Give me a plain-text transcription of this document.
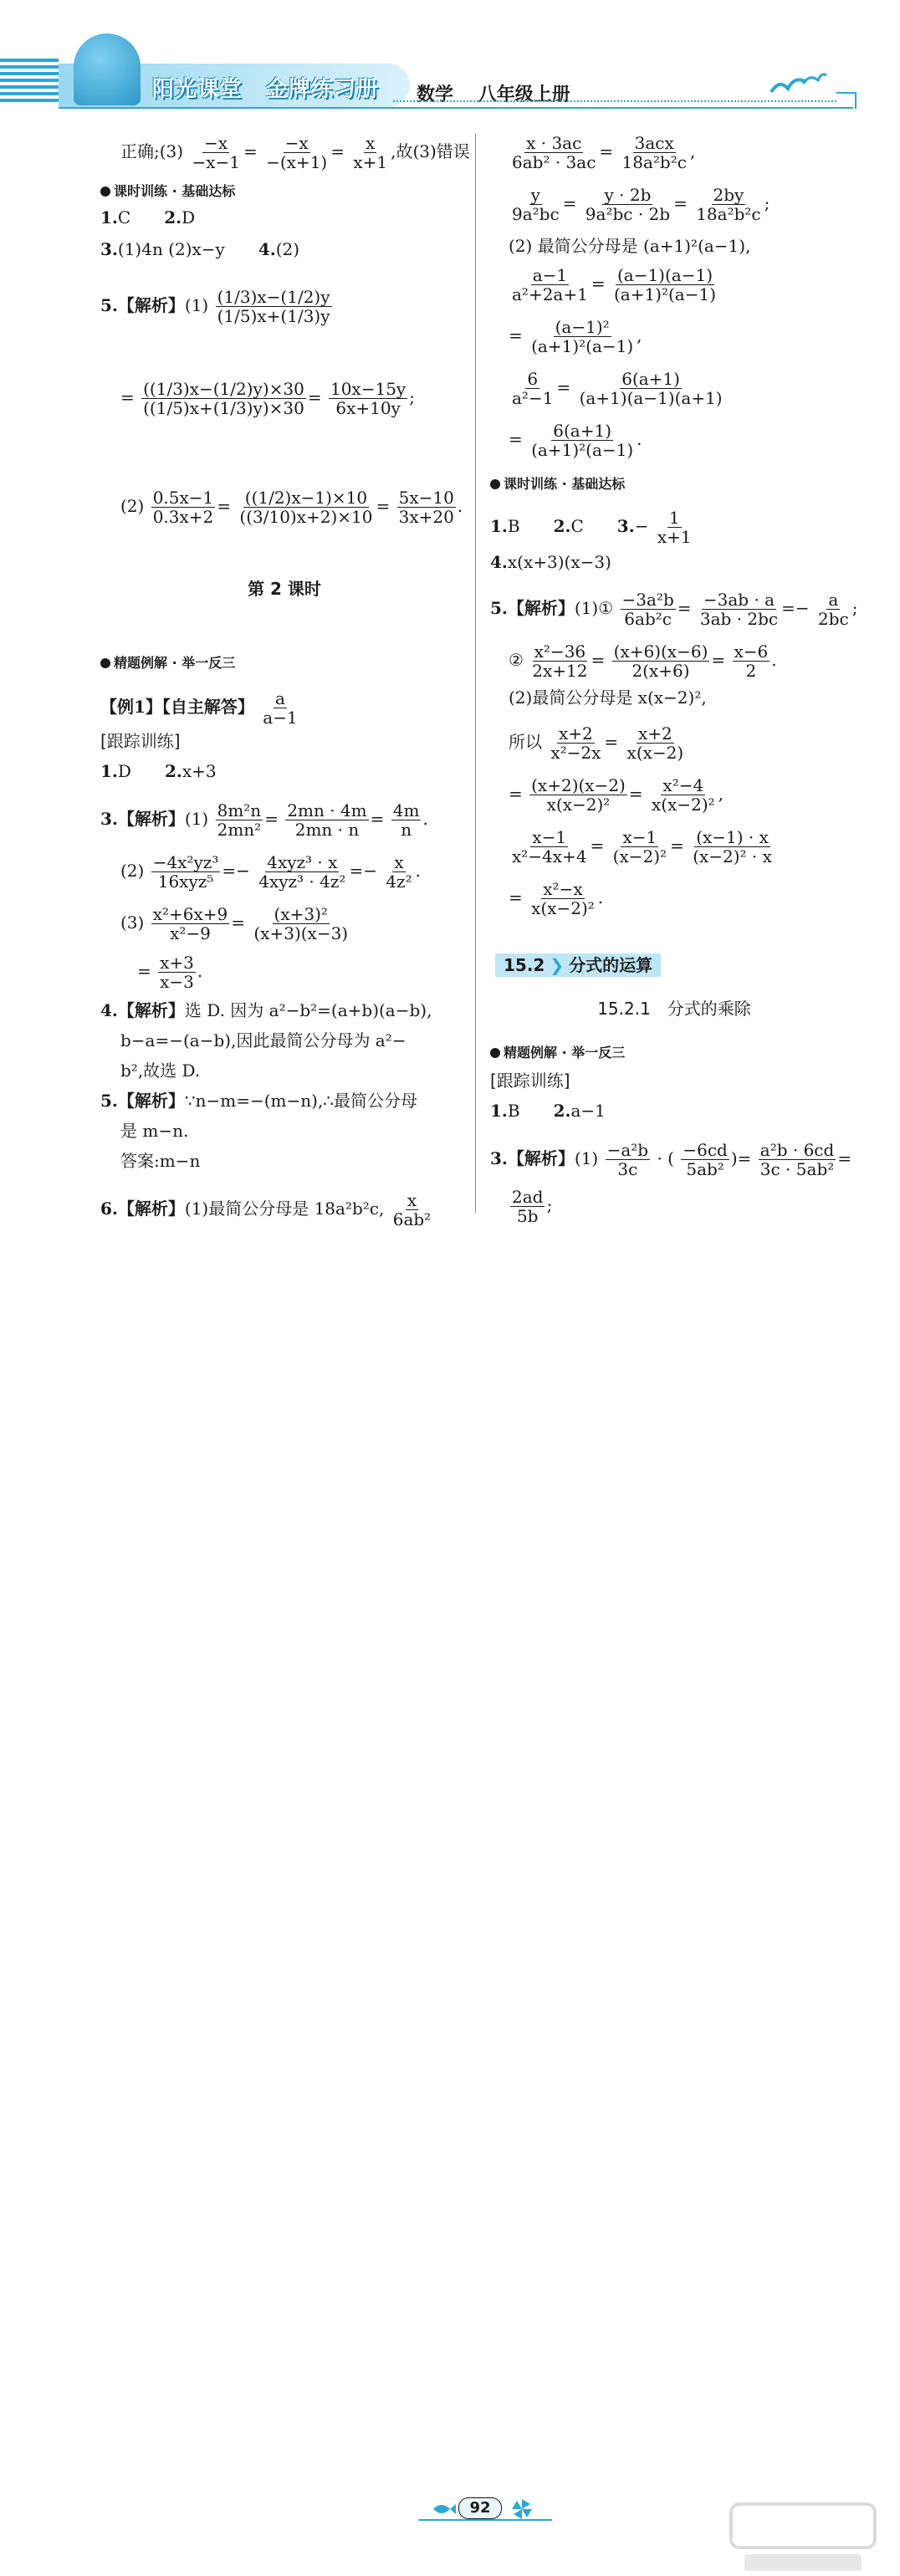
阳光课堂 金牌练习册 数学 八年级上册
正确;(3) $\frac{-x}{-x-1} = \frac{-x}{-(x+1)} = \frac{x}{x+1}$ ,故(3)错误
课时训练 · 基础达标
1.C 2.D
3.(1)4n (2)x−y 4.(2)
5.【解析】$(1) \frac{(1/3)x-(1/2)y}{(1/5)x+(1/3)y}$
= $\frac{((1/3)x-(1/2)y)\times 30}{((1/5)x+(1/3)y)\times 30} = \frac{10x-15y}{6x+10y}$ ;
$(2) \frac{0.5x-1}{0.3x+2} = \frac{((1/2)x-1)\times 10}{((3/10)x+2)\times 10} = \frac{5x-10}{3x+20}$ .
第 2 课时
精题例解 · 举一反三
【例1】【自主解答】 $\frac{a}{a-1}$
[跟踪训练]
1.D 2.x+3
3.【解析】$(1) \frac{\text{8m²n}}{\text{2mn²}} = \frac{2mn \cdot 4m}{2mn \cdot n} = \frac{4m}{n}$ .
$(2) \frac{\text{−4x²yz³}}{\text{16xyz⁵}} =- \frac{\text{4xyz³ · x}}{\text{4xyz³ · 4z²}} =- \frac{x}{\text{4z²}}$ .
$(3) \frac{\text{x²+6x+9}}{\text{x²−9}} = \frac{\text{(x+3)²}}{(x+3)(x-3)}$
= $\frac{x+3}{x-3}$ .
4.【解析】选 D. 因为 a²−b²=(a+b)(a−b),
b−a=−(a−b),因此最简公分母为 a²−
b²,故选 D.
5.【解析】∵n−m=−(m−n),∴最简公分母
是 m−n.
答案:m−n
6.【解析】(1)最简公分母是 18a²b²c, $\frac{x}{\text{6ab²}}$
$\frac{x \cdot 3ac}{\text{6ab² · 3ac}} = \frac{\text{3acx}}{\text{18a²b²c}}$ ,
$\frac{y}{\text{9a²bc}} = \frac{y \cdot 2b}{\text{9a²bc · 2b}} = \frac{2by}{\text{18a²b²c}}$ ;
(2) 最简公分母是 (a+1)²(a−1),
$\frac{a-1}{\text{a²+2a+1}} = \frac{(a-1)(a-1)}{\text{(a+1)²(a−1)}}$
= $\frac{\text{(a−1)²}}{\text{(a+1)²(a−1)}}$ ,
$\frac{6}{\text{a²−1}} = \frac{6(a+1)}{(a+1)(a-1)(a+1)}$
= $\frac{6(a+1)}{\text{(a+1)²(a−1)}}$ .
课时训练 · 基础达标
1.B 2.C $3.- \frac{1}{x+1}$
4.x(x+3)(x−3)
5.【解析】(1)① $\frac{\text{−3a²b}}{\text{6ab²c}} = \frac{-3ab \cdot a}{3ab \cdot 2bc} =- \frac{a}{2bc}$ ;
② $\frac{\text{x²−36}}{2x+12} = \frac{(x+6)(x-6)}{2(x+6)} = \frac{x-6}{2}$ .
(2)最简公分母是 x(x−2)²,
所以 $\frac{x+2}{\text{x²−2x}} = \frac{x+2}{x(x-2)}$
= $\frac{(x+2)(x-2)}{\text{x(x−2)²}} = \frac{\text{x²−4}}{\text{x(x−2)²}}$ ,
$\frac{x-1}{\text{x²−4x+4}} = \frac{x-1}{\text{(x−2)²}} = \frac{(x-1) \cdot x}{\text{(x−2)² · x}}$
= $\frac{\text{x²−x}}{\text{x(x−2)²}}$ .
15.2 ❯ 分式的运算
15.2.1　分式的乘除
精题例解 · 举一反三
[跟踪训练]
1.B 2.a−1
3.【解析】$(1) \frac{\text{−a²b}}{3c}$ · ( $\frac{-6cd}{\text{5ab²}}$ )= $\frac{\text{a²b · 6cd}}{\text{3c · 5ab²}}$ =
$\frac{2ad}{5b}$ ;
92
